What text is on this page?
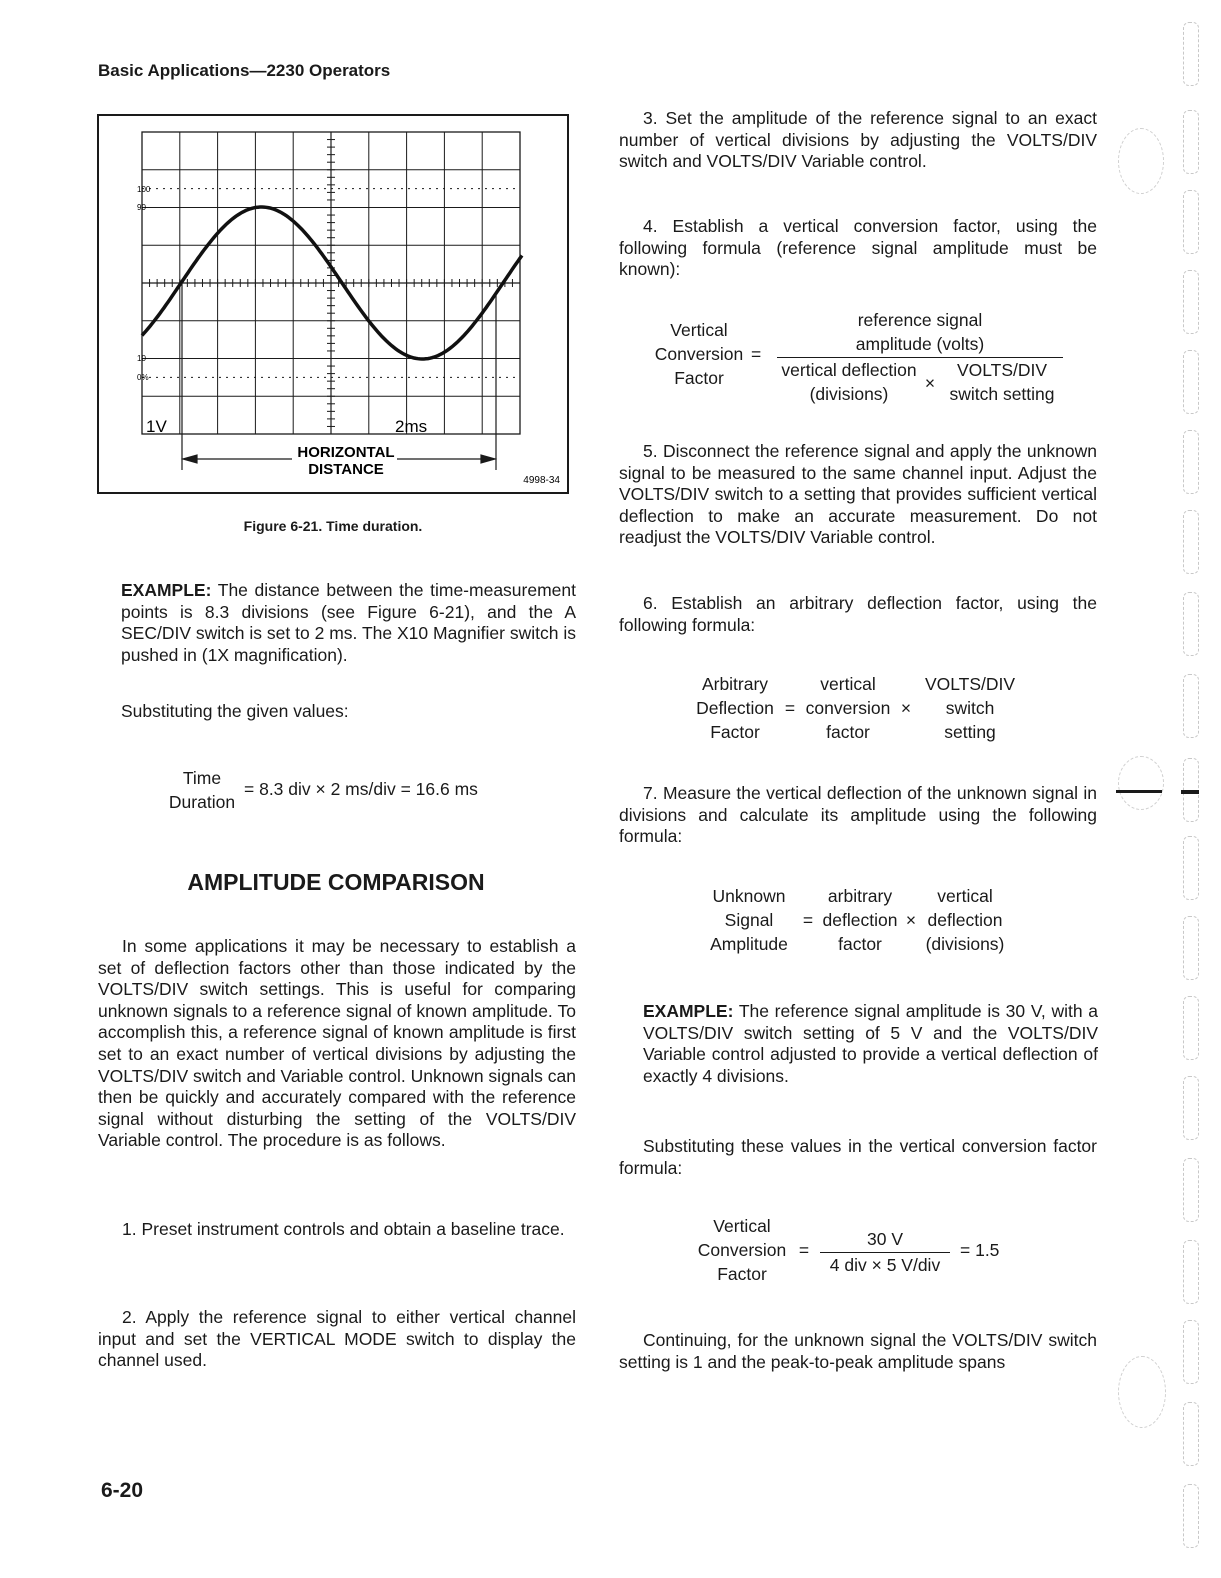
Basic Applications—2230 Operators
100
90
10
0%
1V	2ms
HORIZONTAL
DISTANCE
4998-34
Figure 6-21. Time duration.

EXAMPLE: The distance between the time-measurement points is 8.3 divisions (see Figure 6-21), and the A SEC/DIV switch is set to 2 ms. The X10 Magnifier switch is pushed in (1X magnification).

Substituting the given values:

Time
Duration
= 8.3 div × 2 ms/div = 16.6 ms
AMPLITUDE COMPARISON

In some applications it may be necessary to establish a set of deflection factors other than those indicated by the VOLTS/DIV switch settings. This is useful for comparing unknown signals to a reference signal of known amplitude. To accomplish this, a reference signal of known amplitude is first set to an exact number of vertical divisions by adjusting the VOLTS/DIV switch and Variable control. Unknown signals can then be quickly and accurately compared with the reference signal without disturbing the setting of the VOLTS/DIV Variable control. The procedure is as follows.

1. Preset instrument controls and obtain a baseline trace.

2. Apply the reference signal to either vertical channel input and set the VERTICAL MODE switch to display the channel used.

6-20

3. Set the amplitude of the reference signal to an exact number of vertical divisions by adjusting the VOLTS/DIV switch and VOLTS/DIV Variable control.

4. Establish a vertical conversion factor, using the following formula (reference signal amplitude must be known):

Vertical
Conversion
Factor
=
reference signal
amplitude (volts)
vertical deflection
(divisions)
×
VOLTS/DIV
switch setting

5. Disconnect the reference signal and apply the unknown signal to be measured to the same channel input. Adjust the VOLTS/DIV switch to a setting that provides sufficient vertical deflection to make an accurate measurement. Do not readjust the VOLTS/DIV Variable control.

6. Establish an arbitrary deflection factor, using the following formula:

Arbitrary
Deflection
Factor
=
vertical
conversion
factor
×
VOLTS/DIV
switch
setting

7. Measure the vertical deflection of the unknown signal in divisions and calculate its amplitude using the following formula:

Unknown
Signal
Amplitude
=
arbitrary
deflection
factor
×
vertical
deflection
(divisions)

EXAMPLE: The reference signal amplitude is 30 V, with a VOLTS/DIV switch setting of 5 V and the VOLTS/DIV Variable control adjusted to provide a vertical deflection of exactly 4 divisions.

Substituting these values in the vertical conversion factor formula:

Vertical
Conversion
Factor
=
30 V
4 div × 5 V/div
= 1.5

Continuing, for the unknown signal the VOLTS/DIV switch setting is 1 and the peak-to-peak amplitude spans
